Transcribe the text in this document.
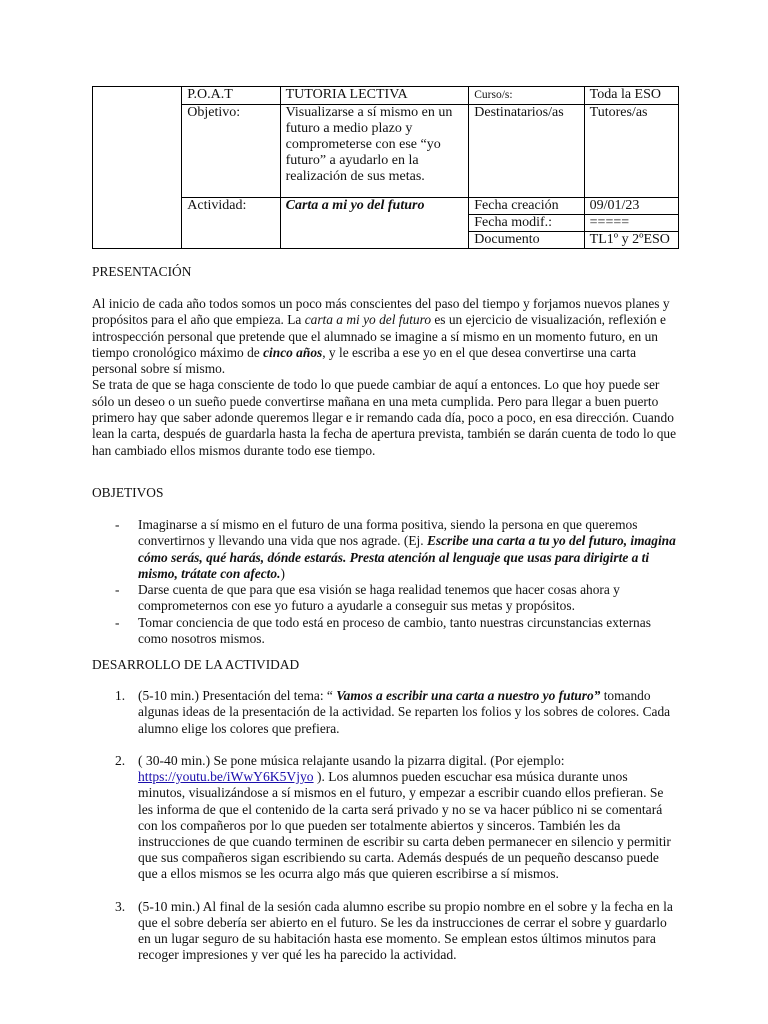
	P.O.A.T	TUTORIA LECTIVA	Curso/s:	Toda la ESO
	Objetivo:	Visualizarse a sí mismo en un futuro a medio plazo y comprometerse con ese “yo futuro” a ayudarlo en la realización de sus metas.	Destinatarios/as	Tutores/as
	Actividad:	Carta a mi yo del futuro	Fecha creación	09/01/23
			Fecha modif.:	=====
			Documento	TL1º y 2ºESO
PRESENTACIÓN

Al inicio de cada año todos somos un poco más conscientes del paso del tiempo y forjamos nuevos planes y propósitos para el año que empieza. La carta a mi yo del futuro es un ejercicio de visualización, reflexión e introspección personal que pretende que el alumnado se imagine a sí mismo en un momento futuro, en un tiempo cronológico máximo de cinco años, y le escriba a ese yo en el que desea convertirse una carta personal sobre sí mismo.

Se trata de que se haga consciente de todo lo que puede cambiar de aquí a entonces. Lo que hoy puede ser sólo un deseo o un sueño puede convertirse mañana en una meta cumplida. Pero para llegar a buen puerto primero hay que saber adonde queremos llegar e ir remando cada día, poco a poco, en esa dirección. Cuando lean la carta, después de guardarla hasta la fecha de apertura prevista, también se darán cuenta de todo lo que han cambiado ellos mismos durante todo ese tiempo.

OBJETIVOS
- Imaginarse a sí mismo en el futuro de una forma positiva, siendo la persona en que queremos convertirnos y llevando una vida que nos agrade. (Ej. Escribe una carta a tu yo del futuro, imagina cómo serás, qué harás, dónde estarás. Presta atención al lenguaje que usas para dirigirte a ti mismo, trátate con afecto.)
- Darse cuenta de que para que esa visión se haga realidad tenemos que hacer cosas ahora y comprometernos con ese yo futuro a ayudarle a conseguir sus metas y propósitos.
- Tomar conciencia de que todo está en proceso de cambio, tanto nuestras circunstancias externas como nosotros mismos.
DESARROLLO DE LA ACTIVIDAD
1. (5-10 min.) Presentación del tema: “ Vamos a escribir una carta a nuestro yo futuro” tomando algunas ideas de la presentación de la actividad. Se reparten los folios y los sobres de colores. Cada alumno elige los colores que prefiera.
2. ( 30-40 min.) Se pone música relajante usando la pizarra digital. (Por ejemplo: https://youtu.be/iWwY6K5Vjyo ). Los alumnos pueden escuchar esa música durante unos minutos, visualizándose a sí mismos en el futuro, y empezar a escribir cuando ellos prefieran. Se les informa de que el contenido de la carta será privado y no se va hacer público ni se comentará con los compañeros por lo que pueden ser totalmente abiertos y sinceros. También les da instrucciones de que cuando terminen de escribir su carta deben permanecer en silencio y permitir que sus compañeros sigan escribiendo su carta. Además después de un pequeño descanso puede que a ellos mismos se les ocurra algo más que quieren escribirse a sí mismos.
3. (5-10 min.) Al final de la sesión cada alumno escribe su propio nombre en el sobre y la fecha en la que el sobre debería ser abierto en el futuro. Se les da instrucciones de cerrar el sobre y guardarlo en un lugar seguro de su habitación hasta ese momento. Se emplean estos últimos minutos para recoger impresiones y ver qué les ha parecido la actividad.
